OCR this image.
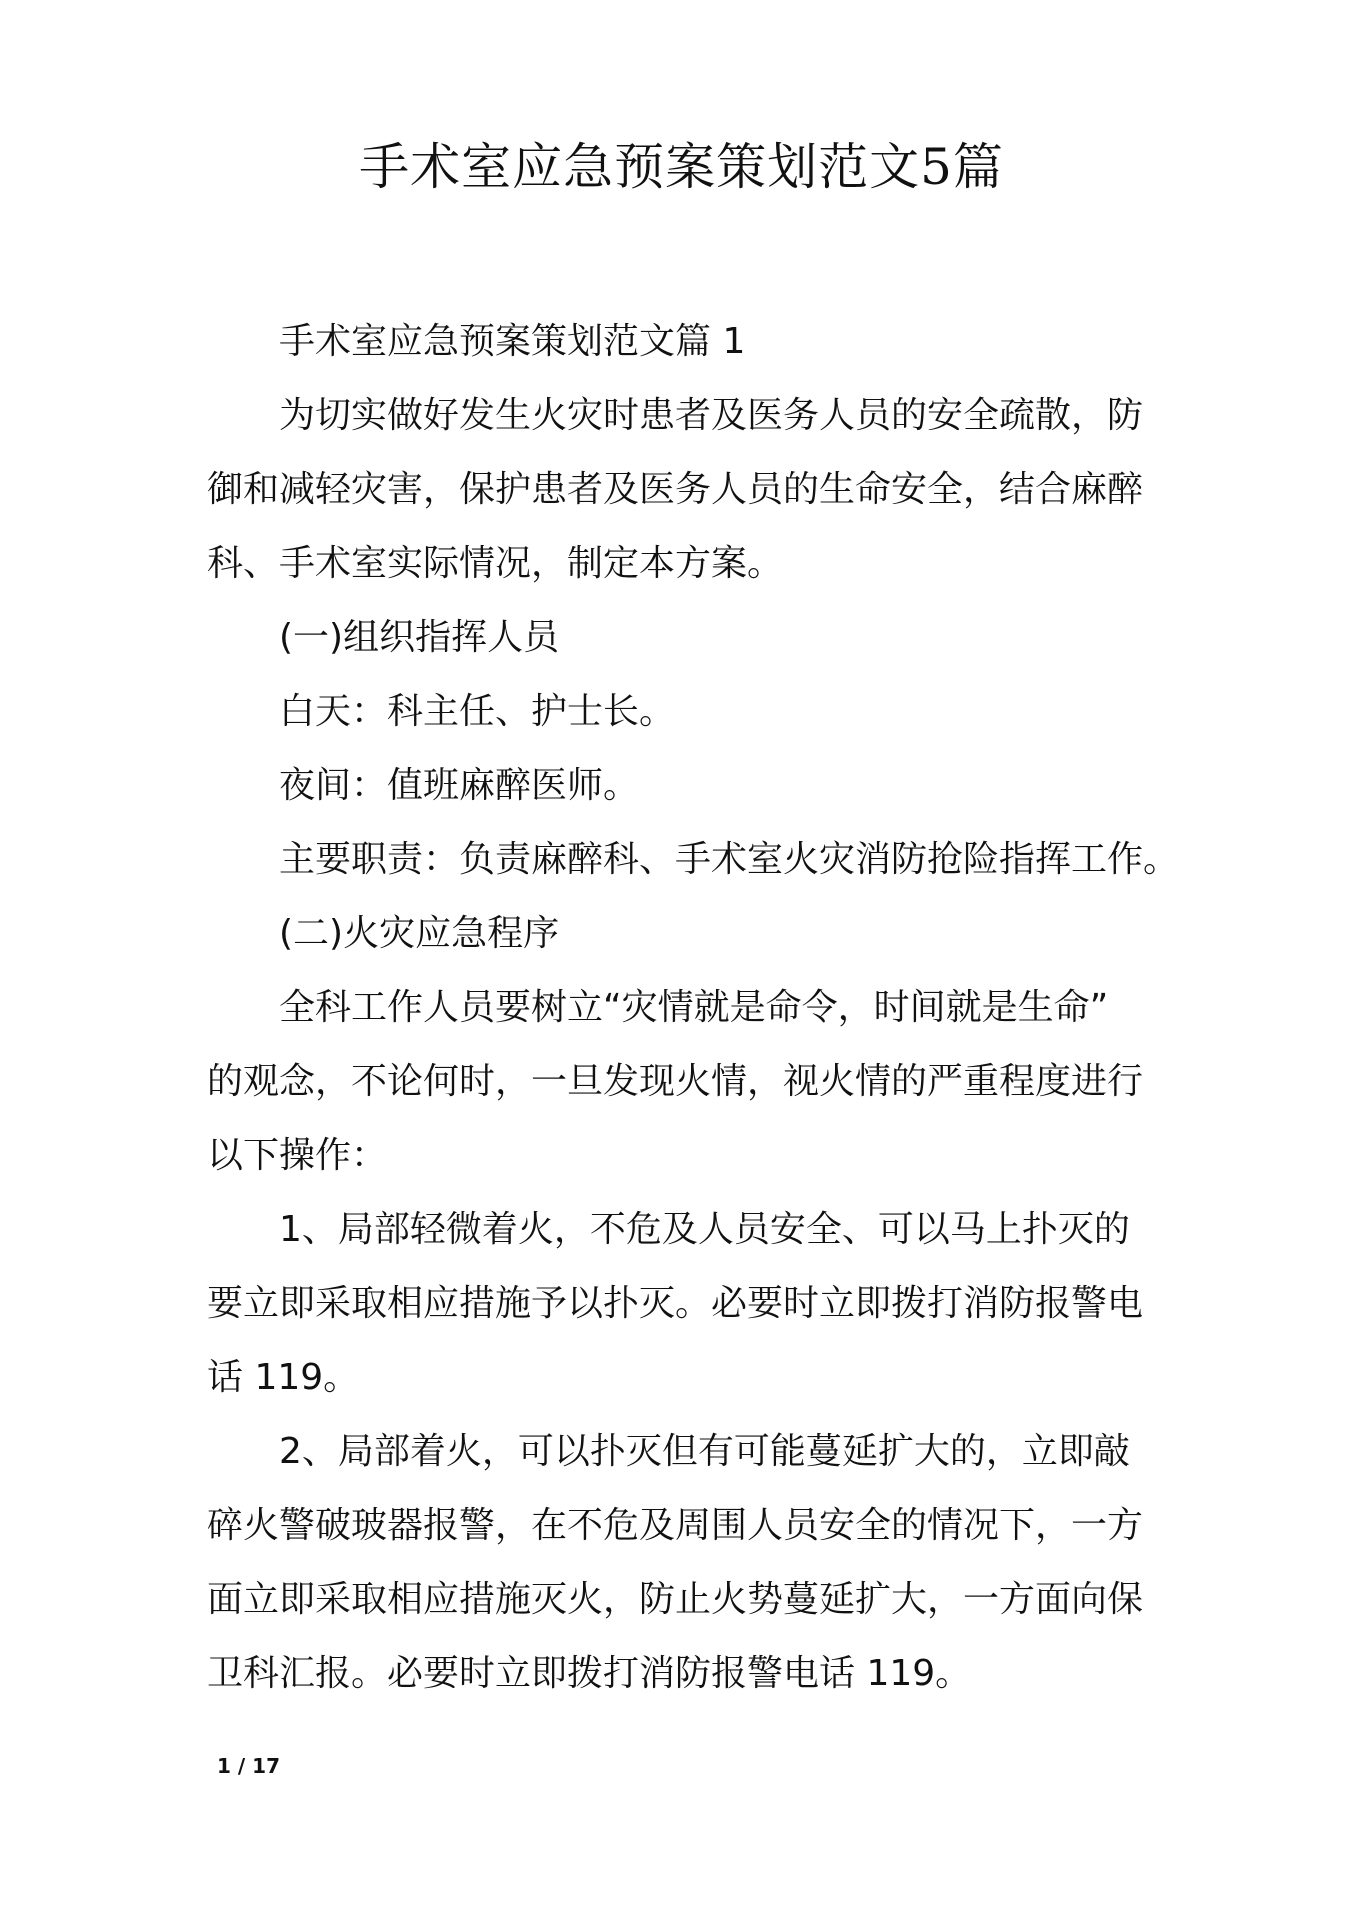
手术室应急预案策划范文5篇
手术室应急预案策划范文篇 1
为切实做好发生火灾时患者及医务人员的安全疏散，防
御和减轻灾害，保护患者及医务人员的生命安全，结合麻醉
科、手术室实际情况，制定本方案。
(一)组织指挥人员
白天：科主任、护士长。
夜间：值班麻醉医师。
主要职责：负责麻醉科、手术室火灾消防抢险指挥工作。
(二)火灾应急程序
全科工作人员要树立“灾情就是命令，时间就是生命”
的观念，不论何时，一旦发现火情，视火情的严重程度进行
以下操作：
1、局部轻微着火，不危及人员安全、可以马上扑灭的
要立即采取相应措施予以扑灭。必要时立即拨打消防报警电
话 119。
2、局部着火，可以扑灭但有可能蔓延扩大的，立即敲
碎火警破玻器报警，在不危及周围人员安全的情况下，一方
面立即采取相应措施灭火，防止火势蔓延扩大，一方面向保
卫科汇报。必要时立即拨打消防报警电话 119。
1 / 17
